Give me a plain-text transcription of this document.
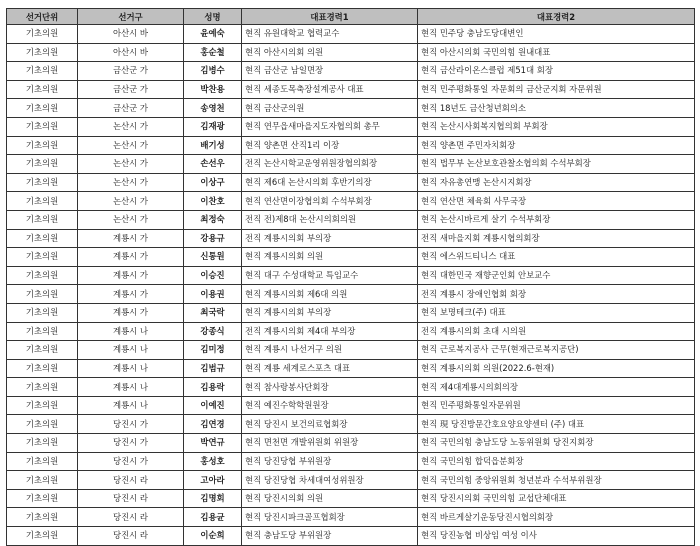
선거단위	선거구	성명	대표경력1	대표경력2
기초의원	아산시 바	윤예숙	현직 유원대학교 협력교수	현직 민주당 충남도당대변인
기초의원	아산시 바	홍순철	현직 아산시의회 의원	현직 아산시의회 국민의힘 원내대표
기초의원	금산군 가	김병수	현직 금산군 남일면장	현직 금산라이온스클럽 제51대 회장
기초의원	금산군 가	박찬용	현직 세종도목축장설계공사 대표	현직 민주평화통일 자문회의 금산군지회 자문위원
기초의원	금산군 가	송영천	현직 금산군의원	현직 18년도 금산청년회의소
기초의원	논산시 가	김재광	현직 연무읍새마을지도자협의회 총무	현직 논산시사회복지협의회 부회장
기초의원	논산시 가	배기성	현직 양촌면 산직1리 이장	현직 양촌면 주민자치회장
기초의원	논산시 가	손선우	전직 논산시학교운영위원장협의회장	현직 법무부 논산보호관찰소협의회 수석부회장
기초의원	논산시 가	이상구	현직 제6대 논산시의회 후반기의장	현직 자유총연맹 논산시지회장
기초의원	논산시 가	이찬호	현직 연산면이장협의회 수석부회장	현직 연산면 체육회 사무국장
기초의원	논산시 가	최정숙	전직 전)제8대 논산시의회의원	현직 논산시바르게 살기 수석부회장
기초의원	계룡시 가	강용규	전직 계룡시의회 부의장	전직 새마을지회 계룡시협의회장
기초의원	계룡시 가	신통원	현직 계룡시의회 의원	현직 에스위드티니스 대표
기초의원	계룡시 가	이승진	현직 대구 수성대학교 특임교수	현직 대한민국 재향군인회 안보교수
기초의원	계룡시 가	이용권	현직 계룡시의회 제6대 의원	전직 계룡시 장애인협회 회장
기초의원	계룡시 가	최국락	현직 계룡시의회 부의장	현직 보명테크(주) 대표
기초의원	계룡시 나	강종식	전직 계룡시의회 제4대 부의장	전직 계룡시의회 초대 시의원
기초의원	계룡시 나	김미정	현직 계룡시 나선거구 의원	현직 근로복지공사 근무(현재근로복지공단)
기초의원	계룡시 나	김범규	현직 계룡 세계로스포츠 대표	현직 계룡시의회 의원(2022.6-현재)
기초의원	계룡시 나	김용락	현직 참사랑봉사단회장	현직 제4대계룡시의회의장
기초의원	계룡시 나	이예진	현직 예진수학학원원장	현직 민주평화통일자문위원
기초의원	당진시 가	김연경	현직 당진시 보건의료협회장	현직 現 당진방문간호요양요양센터 (주) 대표
기초의원	당진시 가	박연규	현직 면천면 개발위원회 위원장	현직 국민의힘 충남도당 노동위원회 당진지회장
기초의원	당진시 가	홍성호	현직 당진당협 부위원장	현직 국민의힘 합덕읍분회장
기초의원	당진시 라	고아라	현직 당진당협 차세대여성위원장	현직 국민의힘 중앙위원회 청년분과 수석부위원장
기초의원	당진시 라	김명회	현직 당진시의회 의원	현직 당진시의회 국민의힘 교섭단체대표
기초의원	당진시 라	김용균	현직 당진시파크골프협회장	현직 바르게살기운동당진시협의회장
기초의원	당진시 라	이순희	현직 충남도당 부위원장	현직 당진농협 비상임 여성 이사
